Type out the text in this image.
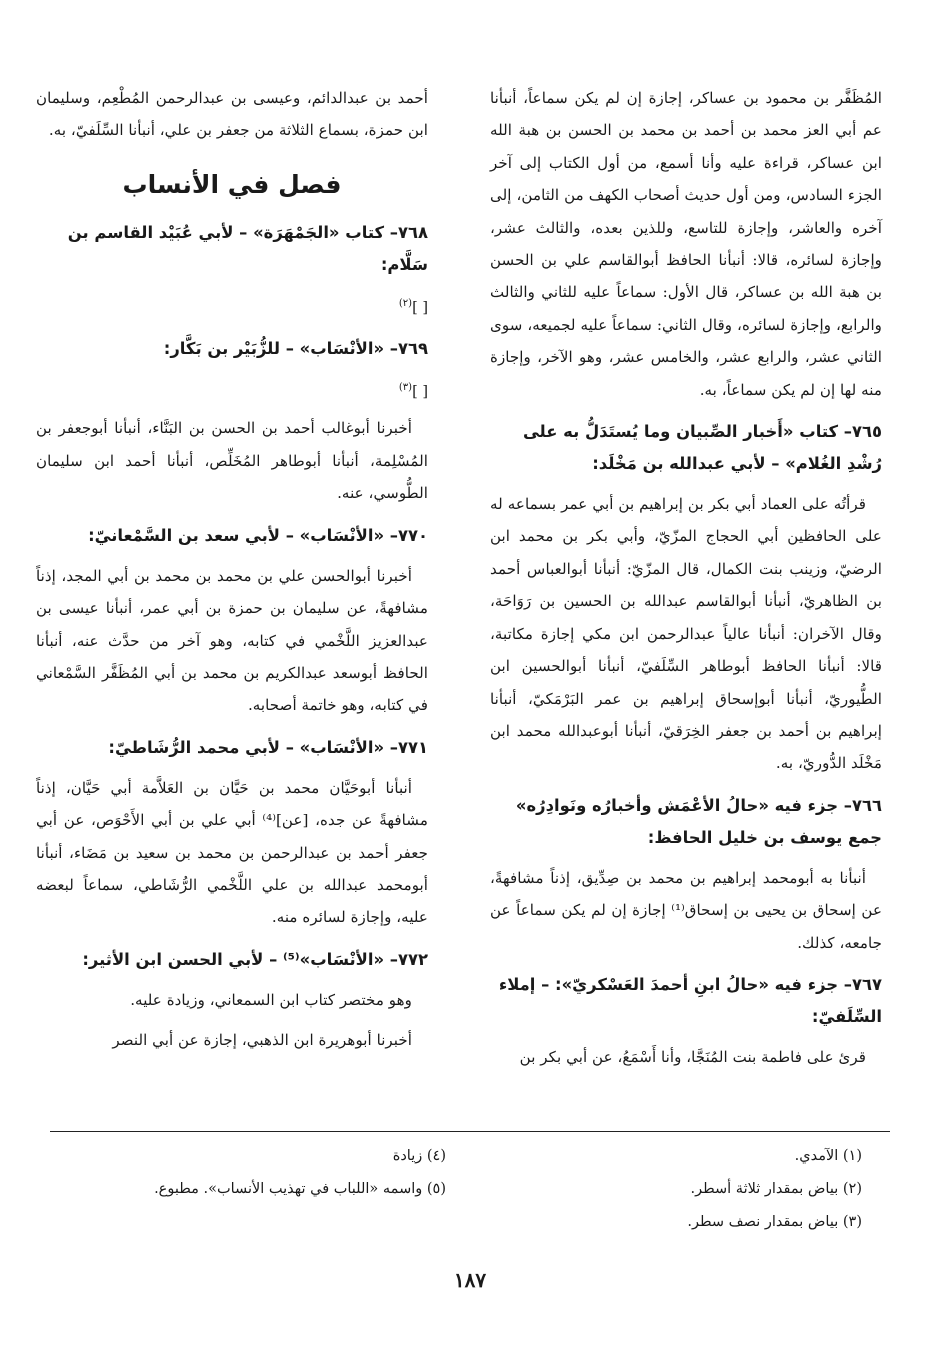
المُظَفَّر بن محمود بن عساكر، إجازة إن لم يكن سماعاً، أنبأنا عم أبي العز محمد بن أحمد بن محمد بن الحسن بن هبة الله ابن عساكر، قراءة عليه وأنا أسمع، من أول الكتاب إلى آخر الجزء السادس، ومن أول حديث أصحاب الكهف من الثامن، إلى آخره والعاشر، وإجازة للتاسع، وللذين بعده، والثالث عشر، وإجازة لسائره، قالا: أنبأنا الحافظ أبوالقاسم علي بن الحسن بن هبة الله بن عساكر، قال الأول: سماعاً عليه للثاني والثالث والرابع، وإجازة لسائره، وقال الثاني: سماعاً عليه لجميعه، سوى الثاني عشر، والرابع عشر، والخامس عشر، وهو الآخر، وإجازة منه لها إن لم يكن سماعاً، به.

٧٦٥– كتاب «أَخبار الصِّبيان وما يُستَدَلُّ به على رُشْدِ الغُلام» – لأبي عبدالله بن مَخْلَد:

قرأتُه على العماد أبي بكر بن إبراهيم بن أبي عمر بسماعه له على الحافظين أبي الحجاج المزّيّ، وأبي بكر بن محمد ابن الرضيّ، وزينب بنت الكمال، قال المزّيّ: أنبأنا أبوالعباس أحمد بن الظاهريّ، أنبأنا أبوالقاسم عبدالله بن الحسين بن رَوَاحَة، وقال الآخران: أنبأنا عالياً عبدالرحمن ابن مكي إجازة مكاتبة، قالا: أنبأنا الحافظ أبوطاهر السِّلَفيّ، أنبأنا أبوالحسين ابن الطُّيوريّ، أنبأنا أبوإسحاق إبراهيم بن عمر البَرْمَكيّ، أنبأنا إبراهيم بن أحمد بن جعفر الخِرَقيّ، أنبأنا أبوعبدالله محمد ابن مَخْلَد الدُّوريّ، به.

٧٦٦– جزء فيه «حالُ الأعْمَش وأخبارُه ونَوادِرُه» جمع يوسف بن خليل الحافظ:

أنبأنا به أبومحمد إبراهيم بن محمد بن صِدِّيق، إذناً مشافهةً، عن إسحاق بن يحيى بن إسحاق⁽¹⁾ إجازة إن لم يكن سماعاً عن جامعه، كذلك.

٧٦٧– جزء فيه «حالُ ابنِ أحمدَ العَسْكريّ»: – إملاء السِّلَفيّ:

قرئ على فاطمة بنت المُنَجَّا، وأنا أَسْمَعُ، عن أبي بكر بن

أحمد بن عبدالدائم، وعيسى بن عبدالرحمن المُطْعِم، وسليمان ابن حمزة، بسماع الثلاثة من جعفر بن علي، أنبأنا السِّلَفيّ، به.

فصل في الأنساب
٧٦٨– كتاب «الجَمْهَرَة» – لأبي عُبَيْد القاسم بن سَلَّام:
[ ]$^{(٢)}$
٧٦٩– «الأنْسَاب» – للزُّبَيْر بن بَكَّار:
[ ]$^{(٣)}$

أخبرنا أبوغالب أحمد بن الحسن بن البَنَّاء، أنبأنا أبوجعفر بن المُسْلِمة، أنبأنا أبوطاهر المُخَلِّص، أنبأنا أحمد ابن سليمان الطُّوسي، عنه.

٧٧٠– «الأنْسَاب» – لأبي سعد بن السَّمْعانيّ:

أخبرنا أبوالحسن علي بن محمد بن محمد بن أبي المجد، إذناً مشافهةً، عن سليمان بن حمزة بن أبي عمر، أنبأنا عيسى بن عبدالعزيز اللَّخْمي في كتابه، وهو آخر من حدَّث عنه، أنبأنا الحافظ أبوسعد عبدالكريم بن محمد بن أبي المُظَفَّر السَّمْعاني في كتابه، وهو خاتمة أصحابه.

٧٧١– «الأنْسَاب» – لأبي محمد الرُّشَاطيّ:

أنبأنا أبوحَيَّان محمد بن حَيَّان بن العَلاَّمة أبي حَيَّان، إذناً مشافهةً عن جده، [عن]⁽⁴⁾ أبي علي بن أبي الأَحْوَص، عن أبي جعفر أحمد بن عبدالرحمن بن محمد بن سعيد بن مَضَاء، أنبأنا أبومحمد عبدالله بن علي اللَّخْمي الرُّشَاطي، سماعاً لبعضه عليه، وإجازة لسائره منه.

٧٧٢– «الأنْسَاب»⁽⁵⁾ – لأبي الحسن ابن الأثير:

وهو مختصر كتاب ابن السمعاني، وزيادة عليه.

أخبرنا أبوهريرة ابن الذهبي، إجازة عن أبي النصر

(١) الآمدي.
(٢) بياض بمقدار ثلاثة أسطر.
(٣) بياض بمقدار نصف سطر.
(٤) زيادة
(٥) واسمه «اللباب في تهذيب الأنساب». مطبوع.
١٨٧
